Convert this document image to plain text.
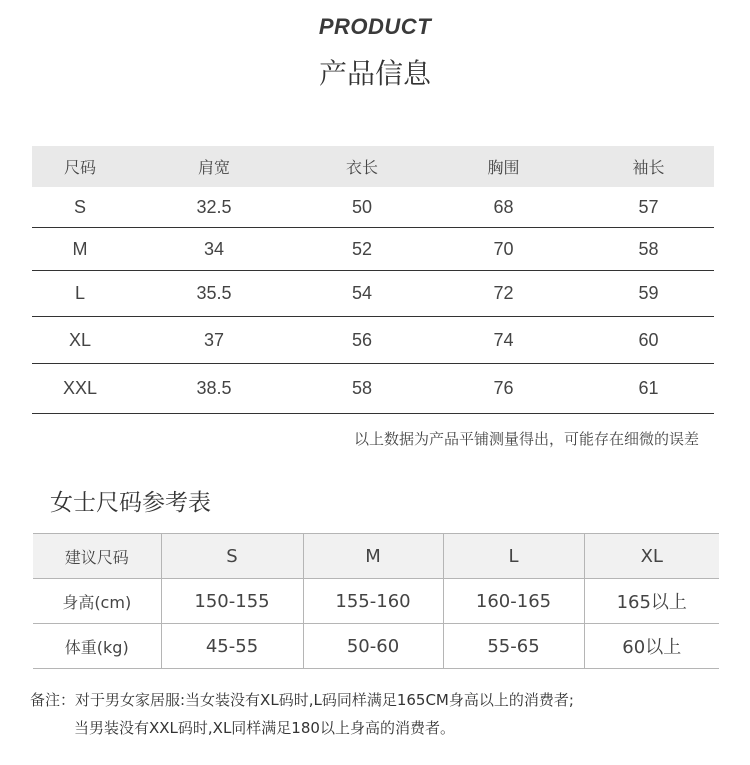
PRODUCT
产品信息
尺码	肩宽	衣长	胸围	袖长
S	32.5	50	68	57
M	34	52	70	58
L	35.5	54	72	59
XL	37	56	74	60
XXL	38.5	58	76	61
以上数据为产品平铺测量得出，可能存在细微的误差
女士尺码参考表
建议尺码	S	M	L	XL
身高(cm)	150-155	155-160	160-165	165以上
体重(kg)	45-55	50-60	55-65	60以上
备注：对于男女家居服:当女装没有XL码时,L码同样满足165CM身高以上的消费者;
当男装没有XXL码时,XL同样满足180以上身高的消费者。
